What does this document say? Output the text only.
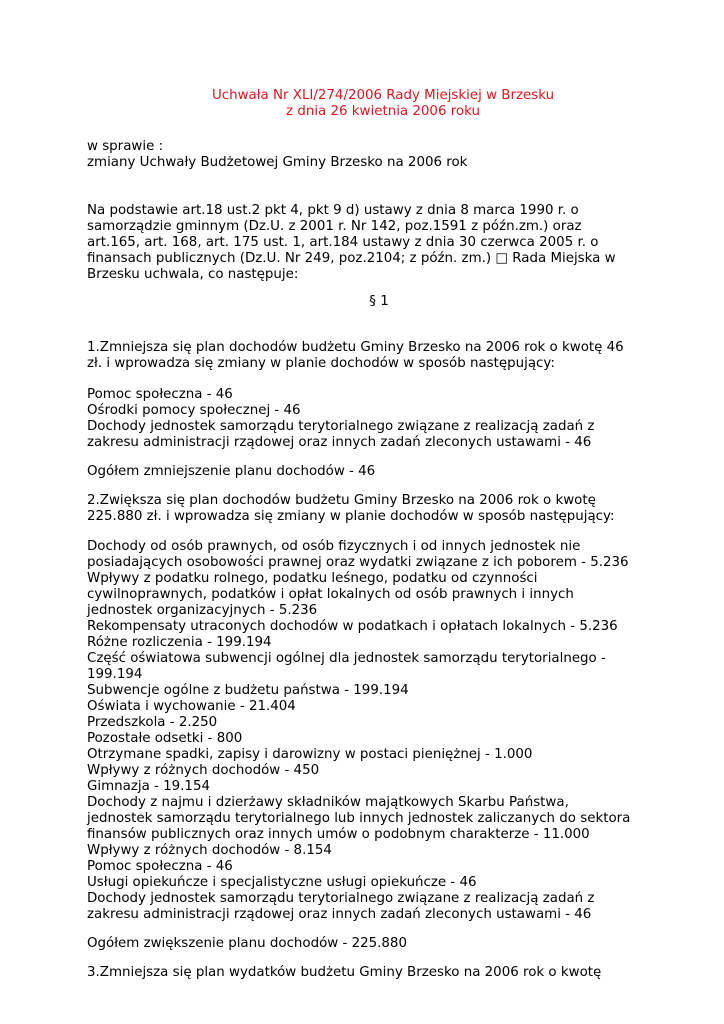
Uchwała Nr XLI/274/2006 Rady Miejskiej w Brzesku
z dnia 26 kwietnia 2006 roku
w sprawie :
zmiany Uchwały Budżetowej Gminy Brzesko na 2006 rok
Na podstawie art.18 ust.2 pkt 4, pkt 9 d) ustawy z dnia 8 marca 1990 r. o
samorządzie gminnym (Dz.U. z 2001 r. Nr 142, poz.1591 z późn.zm.) oraz
art.165, art. 168, art. 175 ust. 1, art.184 ustawy z dnia 30 czerwca 2005 r. o
finansach publicznych (Dz.U. Nr 249, poz.2104; z późn. zm.) □ Rada Miejska w
Brzesku uchwala, co następuje:
§ 1
1.Zmniejsza się plan dochodów budżetu Gminy Brzesko na 2006 rok o kwotę 46
zł. i wprowadza się zmiany w planie dochodów w sposób następujący:
Pomoc społeczna - 46
Ośrodki pomocy społecznej - 46
Dochody jednostek samorządu terytorialnego związane z realizacją zadań z
zakresu administracji rządowej oraz innych zadań zleconych ustawami - 46
Ogółem zmniejszenie planu dochodów - 46
2.Zwiększa się plan dochodów budżetu Gminy Brzesko na 2006 rok o kwotę
225.880 zł. i wprowadza się zmiany w planie dochodów w sposób następujący:
Dochody od osób prawnych, od osób fizycznych i od innych jednostek nie
posiadających osobowości prawnej oraz wydatki związane z ich poborem - 5.236
Wpływy z podatku rolnego, podatku leśnego, podatku od czynności
cywilnoprawnych, podatków i opłat lokalnych od osób prawnych i innych
jednostek organizacyjnych - 5.236
Rekompensaty utraconych dochodów w podatkach i opłatach lokalnych - 5.236
Różne rozliczenia - 199.194
Część oświatowa subwencji ogólnej dla jednostek samorządu terytorialnego -
199.194
Subwencje ogólne z budżetu państwa - 199.194
Oświata i wychowanie - 21.404
Przedszkola - 2.250
Pozostałe odsetki - 800
Otrzymane spadki, zapisy i darowizny w postaci pieniężnej - 1.000
Wpływy z różnych dochodów - 450
Gimnazja - 19.154
Dochody z najmu i dzierżawy składników majątkowych Skarbu Państwa,
jednostek samorządu terytorialnego lub innych jednostek zaliczanych do sektora
finansów publicznych oraz innych umów o podobnym charakterze - 11.000
Wpływy z różnych dochodów - 8.154
Pomoc społeczna - 46
Usługi opiekuńcze i specjalistyczne usługi opiekuńcze - 46
Dochody jednostek samorządu terytorialnego związane z realizacją zadań z
zakresu administracji rządowej oraz innych zadań zleconych ustawami - 46
Ogółem zwiększenie planu dochodów - 225.880
3.Zmniejsza się plan wydatków budżetu Gminy Brzesko na 2006 rok o kwotę
